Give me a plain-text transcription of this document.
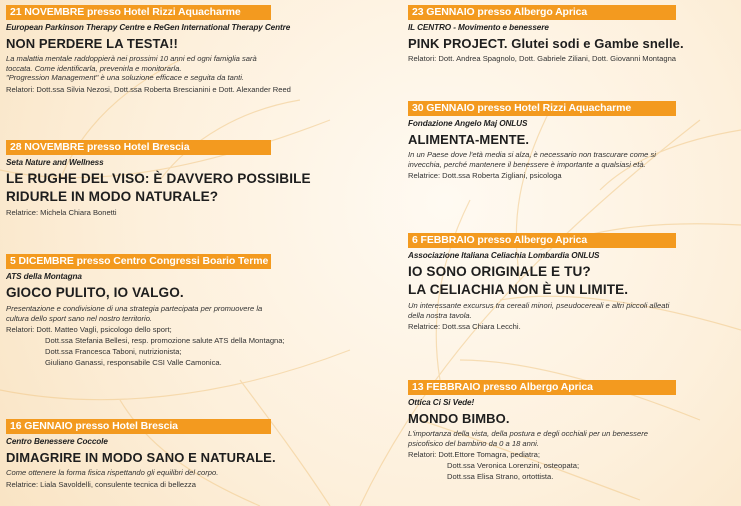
21 NOVEMBRE presso Hotel Rizzi Aquacharme
European Parkinson Therapy Centre e ReGen International Therapy Centre
NON PERDERE LA TESTA!!
La malattia mentale raddoppierà nei prossimi 10 anni ed ogni famiglia sarà
toccata. Come identificarla, prevenirla e monitorarla.
"Progression Management" è una soluzione efficace e seguita da tanti.
Relatori: Dott.ssa Silvia Nezosi, Dott.ssa Roberta Brescianini e Dott. Alexander Reed
28 NOVEMBRE presso Hotel Brescia
Seta Nature and Wellness
LE RUGHE DEL VISO: È DAVVERO POSSIBILE
RIDURLE IN MODO NATURALE?
Relatrice: Michela Chiara Bonetti
5 DICEMBRE presso Centro Congressi Boario Terme
ATS della Montagna
GIOCO PULITO, IO VALGO.
Presentazione e condivisione di una strategia partecipata per promuovere la
cultura dello sport sano nel nostro territorio.
Relatori: Dott. Matteo Vagli, psicologo dello sport;
Dott.ssa Stefania Bellesi, resp. promozione salute ATS della Montagna;
Dott.ssa Francesca Taboni, nutrizionista;
Giuliano Ganassi, responsabile CSI Valle Camonica.
16 GENNAIO presso Hotel Brescia
Centro Benessere Coccole
DIMAGRIRE IN MODO SANO E NATURALE.
Come ottenere la forma fisica rispettando gli equilibri del corpo.
Relatrice: Liala Savoldelli, consulente tecnica di bellezza
23 GENNAIO presso Albergo Aprica
IL CENTRO - Movimento e benessere
PINK PROJECT. Glutei sodi e Gambe snelle.
Relatori: Dott. Andrea Spagnolo, Dott. Gabriele Ziliani, Dott. Giovanni Montagna
30 GENNAIO presso Hotel Rizzi Aquacharme
Fondazione Angelo Maj ONLUS
ALIMENTA-MENTE.
In un Paese dove l'età media si alza, è necessario non trascurare come si
invecchia, perché mantenere il benessere è importante a qualsiasi età.
Relatrice: Dott.ssa Roberta Zigliani, psicologa
6 FEBBRAIO presso Albergo Aprica
Associazione Italiana Celiachia Lombardia ONLUS
IO SONO ORIGINALE E TU?
LA CELIACHIA NON È UN LIMITE.
Un interessante excursus tra cereali minori, pseudocereali e altri piccoli alleati
della nostra tavola.
Relatrice: Dott.ssa Chiara Lecchi.
13 FEBBRAIO presso Albergo Aprica
Ottica Ci Si Vede!
MONDO BIMBO.
L'importanza della vista, della postura e degli occhiali per un benessere
psicofisico del bambino da 0 a 18 anni.
Relatori: Dott.Ettore Tomagra, pediatra;
Dott.ssa Veronica Lorenzini, osteopata;
Dott.ssa Elisa Strano, ortottista.
